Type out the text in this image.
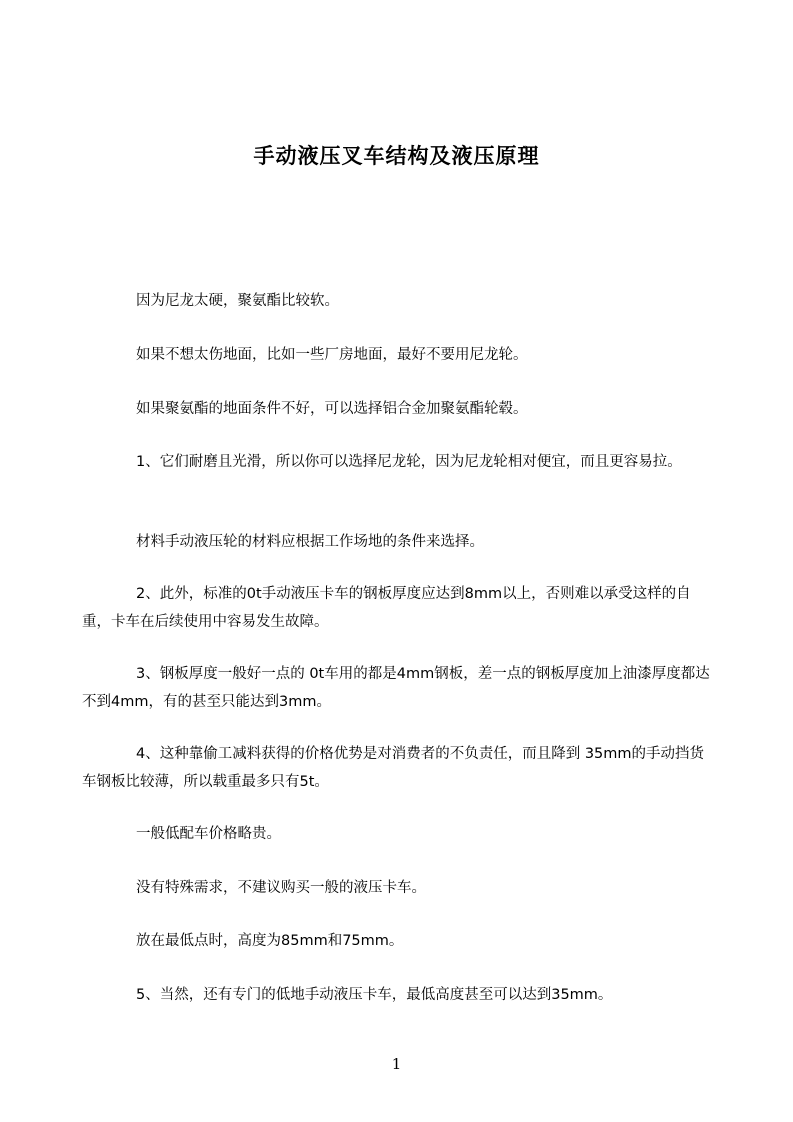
手动液压叉车结构及液压原理
因为尼龙太硬，聚氨酯比较软。
如果不想太伤地面，比如一些厂房地面，最好不要用尼龙轮。
如果聚氨酯的地面条件不好，可以选择铝合金加聚氨酯轮毂。
1、它们耐磨且光滑，所以你可以选择尼龙轮，因为尼龙轮相对便宜，而且更容易拉。
材料手动液压轮的材料应根据工作场地的条件来选择。
2、此外，标准的0t手动液压卡车的钢板厚度应达到8mm以上，否则难以承受这样的自重，卡车在后续使用中容易发生故障。
3、钢板厚度一般好一点的 0t车用的都是4mm钢板，差一点的钢板厚度加上油漆厚度都达不到4mm，有的甚至只能达到3mm。
4、这种靠偷工减料获得的价格优势是对消费者的不负责任，而且降到 35mm的手动挡货车钢板比较薄，所以载重最多只有5t。
一般低配车价格略贵。
没有特殊需求，不建议购买一般的液压卡车。
放在最低点时，高度为85mm和75mm。
5、当然，还有专门的低地手动液压卡车，最低高度甚至可以达到35mm。
1
